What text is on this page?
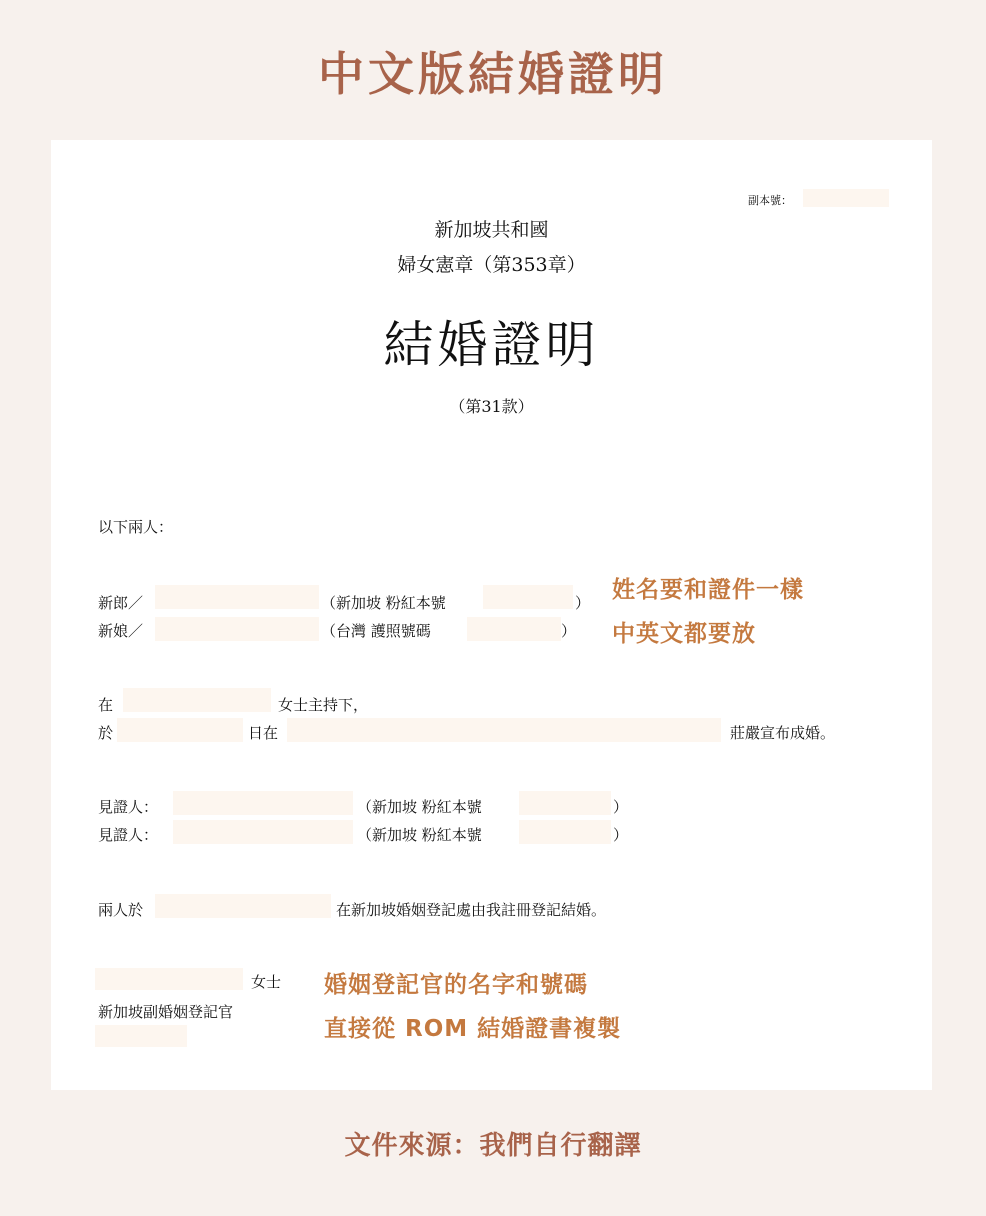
中文版結婚證明
副本號：
新加坡共和國
婦女憲章（第353章）
結婚證明
（第31款）
以下兩人：
新郎／	（新加坡 粉紅本號	）
新娘／	（台灣 護照號碼	）
在	女士主持下，
於	日在	莊嚴宣布成婚。
見證人：	（新加坡 粉紅本號	）
見證人：	（新加坡 粉紅本號	）
兩人於	在新加坡婚姻登記處由我註冊登記結婚。
女士
新加坡副婚姻登記官
姓名要和證件一樣
中英文都要放
婚姻登記官的名字和號碼
直接從 ROM 結婚證書複製
文件來源：我們自行翻譯
